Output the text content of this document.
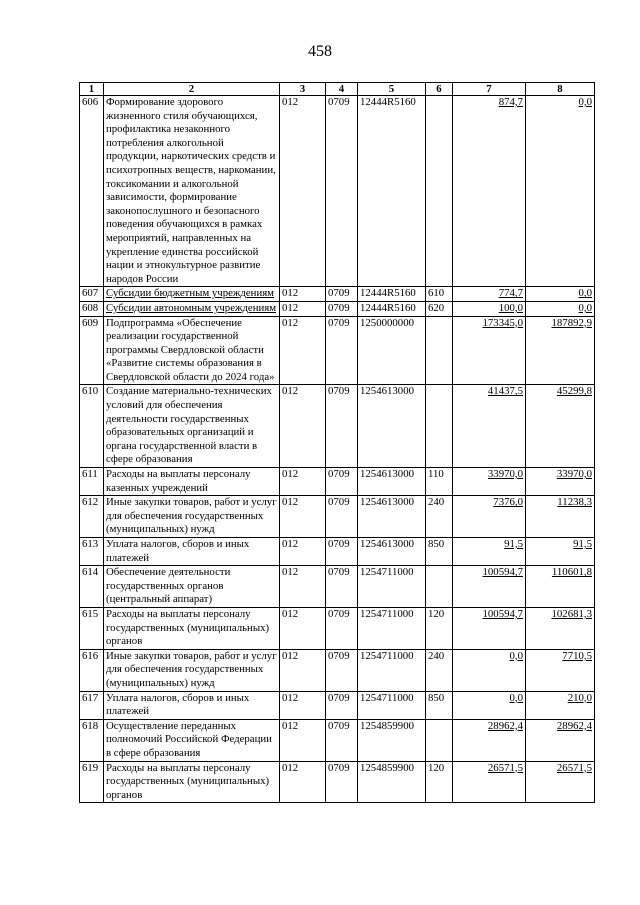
458
1	2	3	4	5	6	7	8
606	Формирование здорового жизненного стиля обучающихся, профилактика незаконного потребления алкогольной продукции, наркотических средств и психотропных веществ, наркомании, токсикомании и алкогольной зависимости, формирование законопослушного и безопасного поведения обучающихся в рамках мероприятий, направленных на укрепление единства российской нации и этнокультурное развитие народов России	012	0709	12444R5160		874,7	0,0
607	Субсидии бюджетным учреждениям	012	0709	12444R5160	610	774,7	0,0
608	Субсидии автономным учреждениям	012	0709	12444R5160	620	100,0	0,0
609	Подпрограмма «Обеспечение реализации государственной программы Свердловской области «Развитие системы образования в Свердловской области до 2024 года»	012	0709	1250000000		173345,0	187892,9
610	Создание материально-технических условий для обеспечения деятельности государственных образовательных организаций и органа государственной власти в сфере образования	012	0709	1254613000		41437,5	45299,8
611	Расходы на выплаты персоналу казенных учреждений	012	0709	1254613000	110	33970,0	33970,0
612	Иные закупки товаров, работ и услуг для обеспечения государственных (муниципальных) нужд	012	0709	1254613000	240	7376,0	11238,3
613	Уплата налогов, сборов и иных платежей	012	0709	1254613000	850	91,5	91,5
614	Обеспечение деятельности государственных органов (центральный аппарат)	012	0709	1254711000		100594,7	110601,8
615	Расходы на выплаты персоналу государственных (муниципальных) органов	012	0709	1254711000	120	100594,7	102681,3
616	Иные закупки товаров, работ и услуг для обеспечения государственных (муниципальных) нужд	012	0709	1254711000	240	0,0	7710,5
617	Уплата налогов, сборов и иных платежей	012	0709	1254711000	850	0,0	210,0
618	Осуществление переданных полномочий Российской Федерации в сфере образования	012	0709	1254859900		28962,4	28962,4
619	Расходы на выплаты персоналу государственных (муниципальных) органов	012	0709	1254859900	120	26571,5	26571,5
